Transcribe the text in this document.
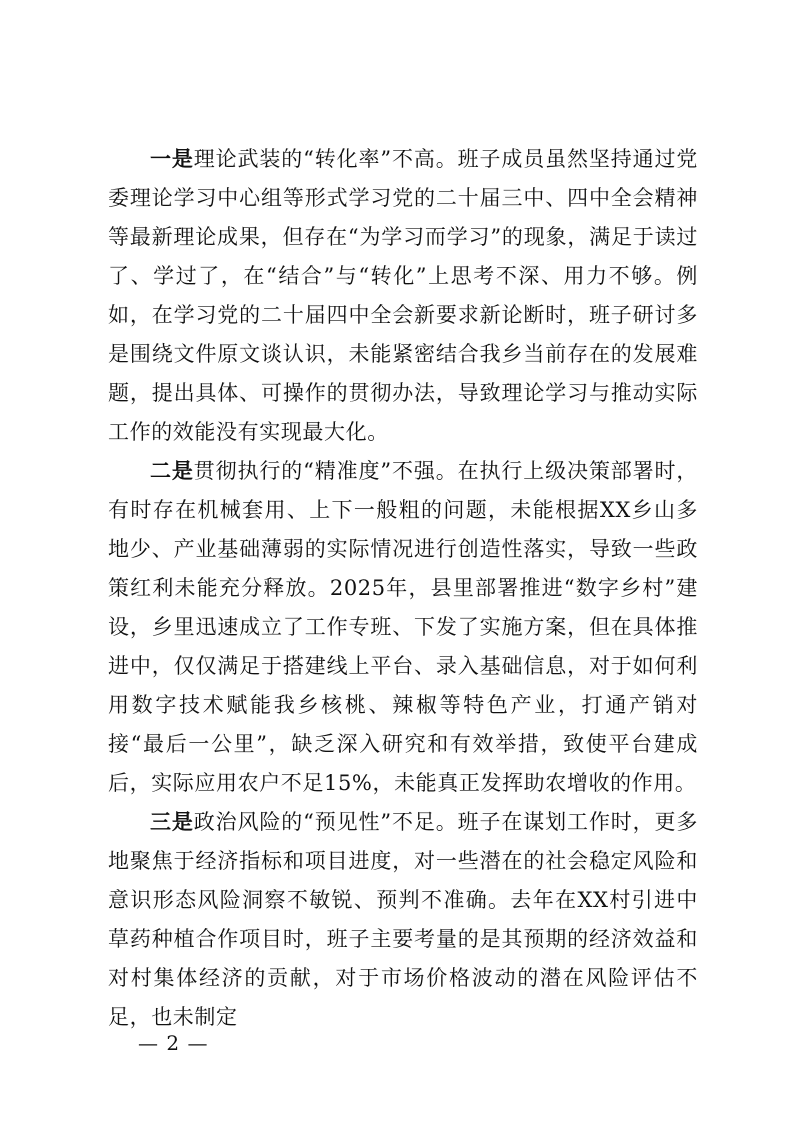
一是理论武装的“转化率”不高。班子成员虽然坚持通过党委理论学习中心组等形式学习党的二十届三中、四中全会精神等最新理论成果，但存在“为学习而学习”的现象，满足于读过了、学过了，在“结合”与“转化”上思考不深、用力不够。例如，在学习党的二十届四中全会新要求新论断时，班子研讨多是围绕文件原文谈认识，未能紧密结合我乡当前存在的发展难题，提出具体、可操作的贯彻办法，导致理论学习与推动实际工作的效能没有实现最大化。

二是贯彻执行的“精准度”不强。在执行上级决策部署时，有时存在机械套用、上下一般粗的问题，未能根据XX乡山多地少、产业基础薄弱的实际情况进行创造性落实，导致一些政策红利未能充分释放。2025年，县里部署推进“数字乡村”建设，乡里迅速成立了工作专班、下发了实施方案，但在具体推进中，仅仅满足于搭建线上平台、录入基础信息，对于如何利用数字技术赋能我乡核桃、辣椒等特色产业，打通产销对接“最后一公里”，缺乏深入研究和有效举措，致使平台建成后，实际应用农户不足15%，未能真正发挥助农增收的作用。

三是政治风险的“预见性”不足。班子在谋划工作时，更多地聚焦于经济指标和项目进度，对一些潜在的社会稳定风险和意识形态风险洞察不敏锐、预判不准确。去年在XX村引进中草药种植合作项目时，班子主要考量的是其预期的经济效益和对村集体经济的贡献，对于市场价格波动的潜在风险评估不足，也未制定

— 2 —
